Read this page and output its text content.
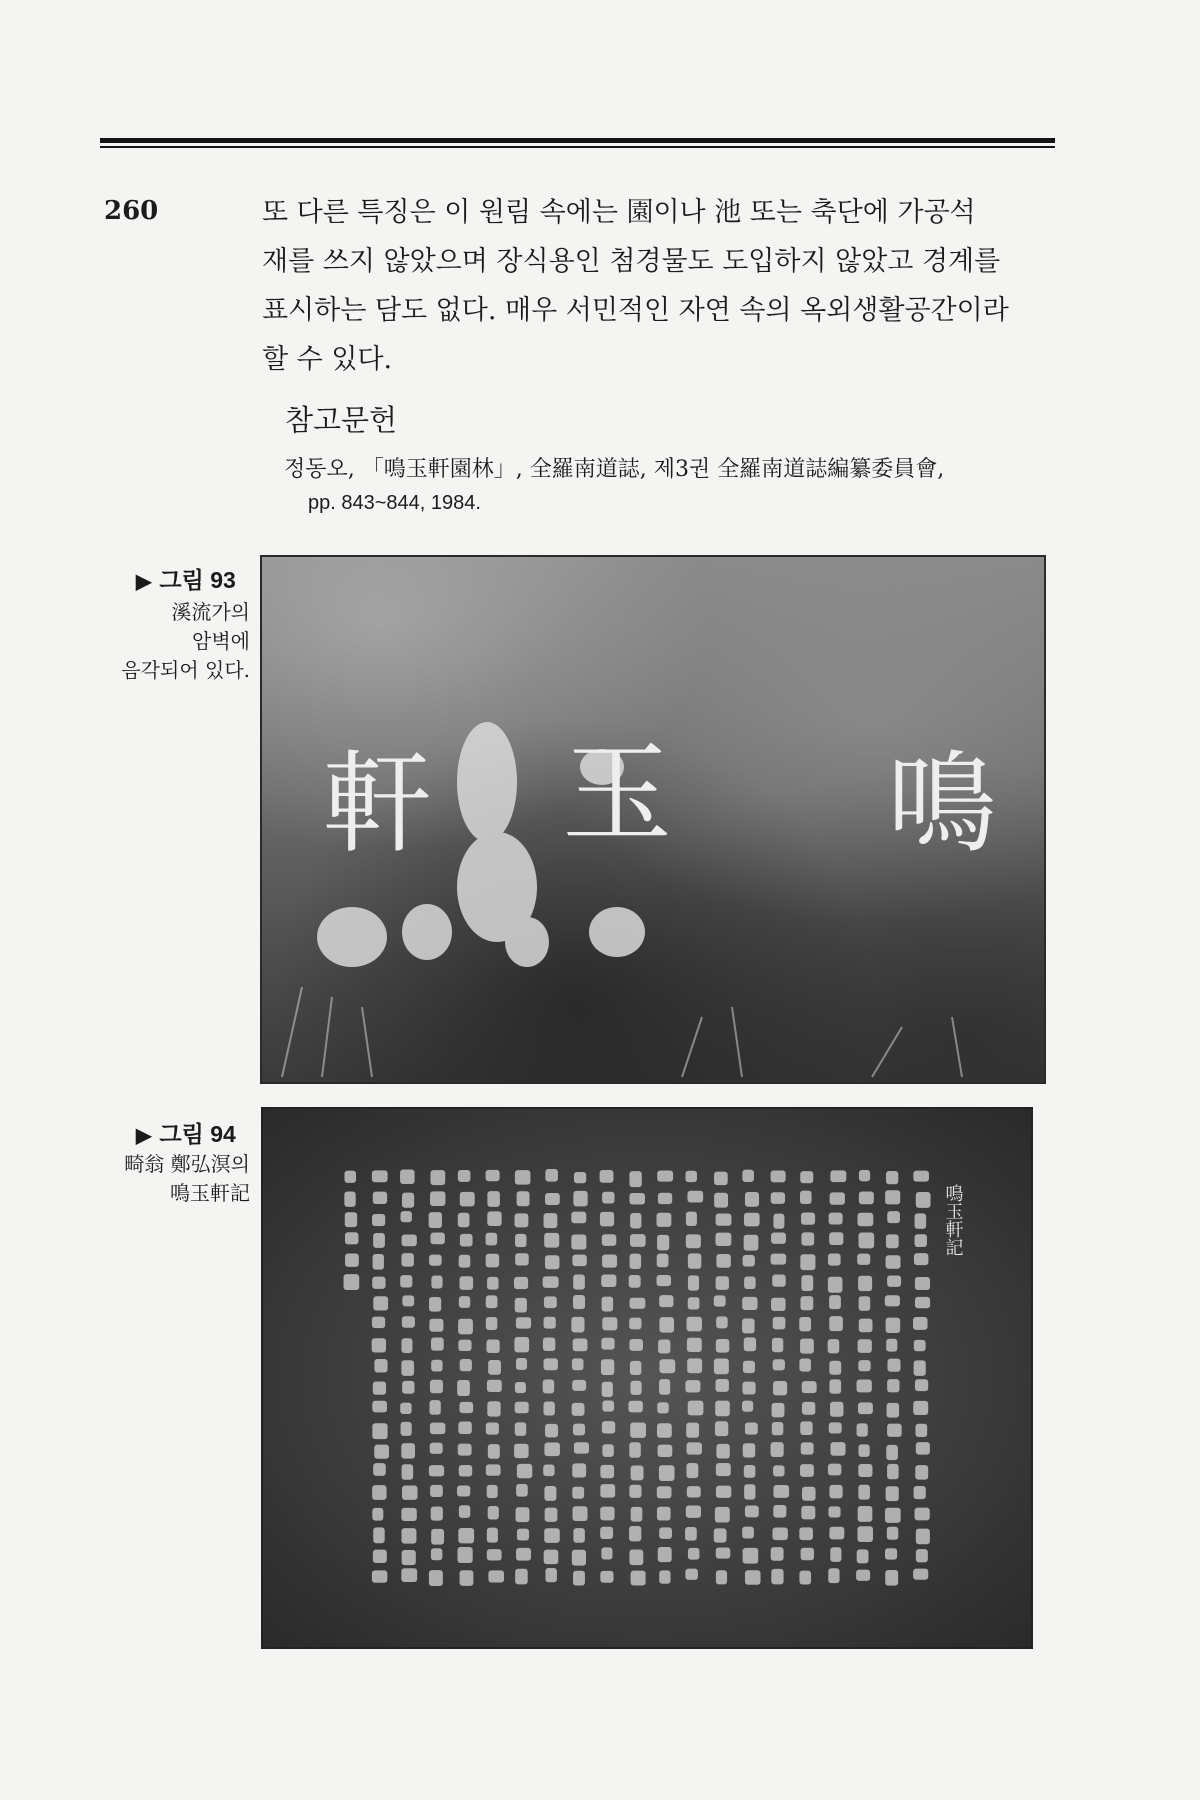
260	또 다른 특징은 이 원림 속에는 園이나 池 또는 축단에 가공석
재를 쓰지 않았으며 장식용인 첨경물도 도입하지 않았고 경계를
표시하는 담도 없다. 매우 서민적인 자연 속의 옥외생활공간이라
할 수 있다.

참고문헌
정동오, 「鳴玉軒園林」, 全羅南道誌, 제3권 全羅南道誌編纂委員會,
pp. 843~844, 1984.
▶ 그림 93
溪流가의
암벽에
음각되어 있다.
軒 玉 鳴
▶ 그림 94
畸翁 鄭弘溟의
鳴玉軒記	鳴玉軒記
